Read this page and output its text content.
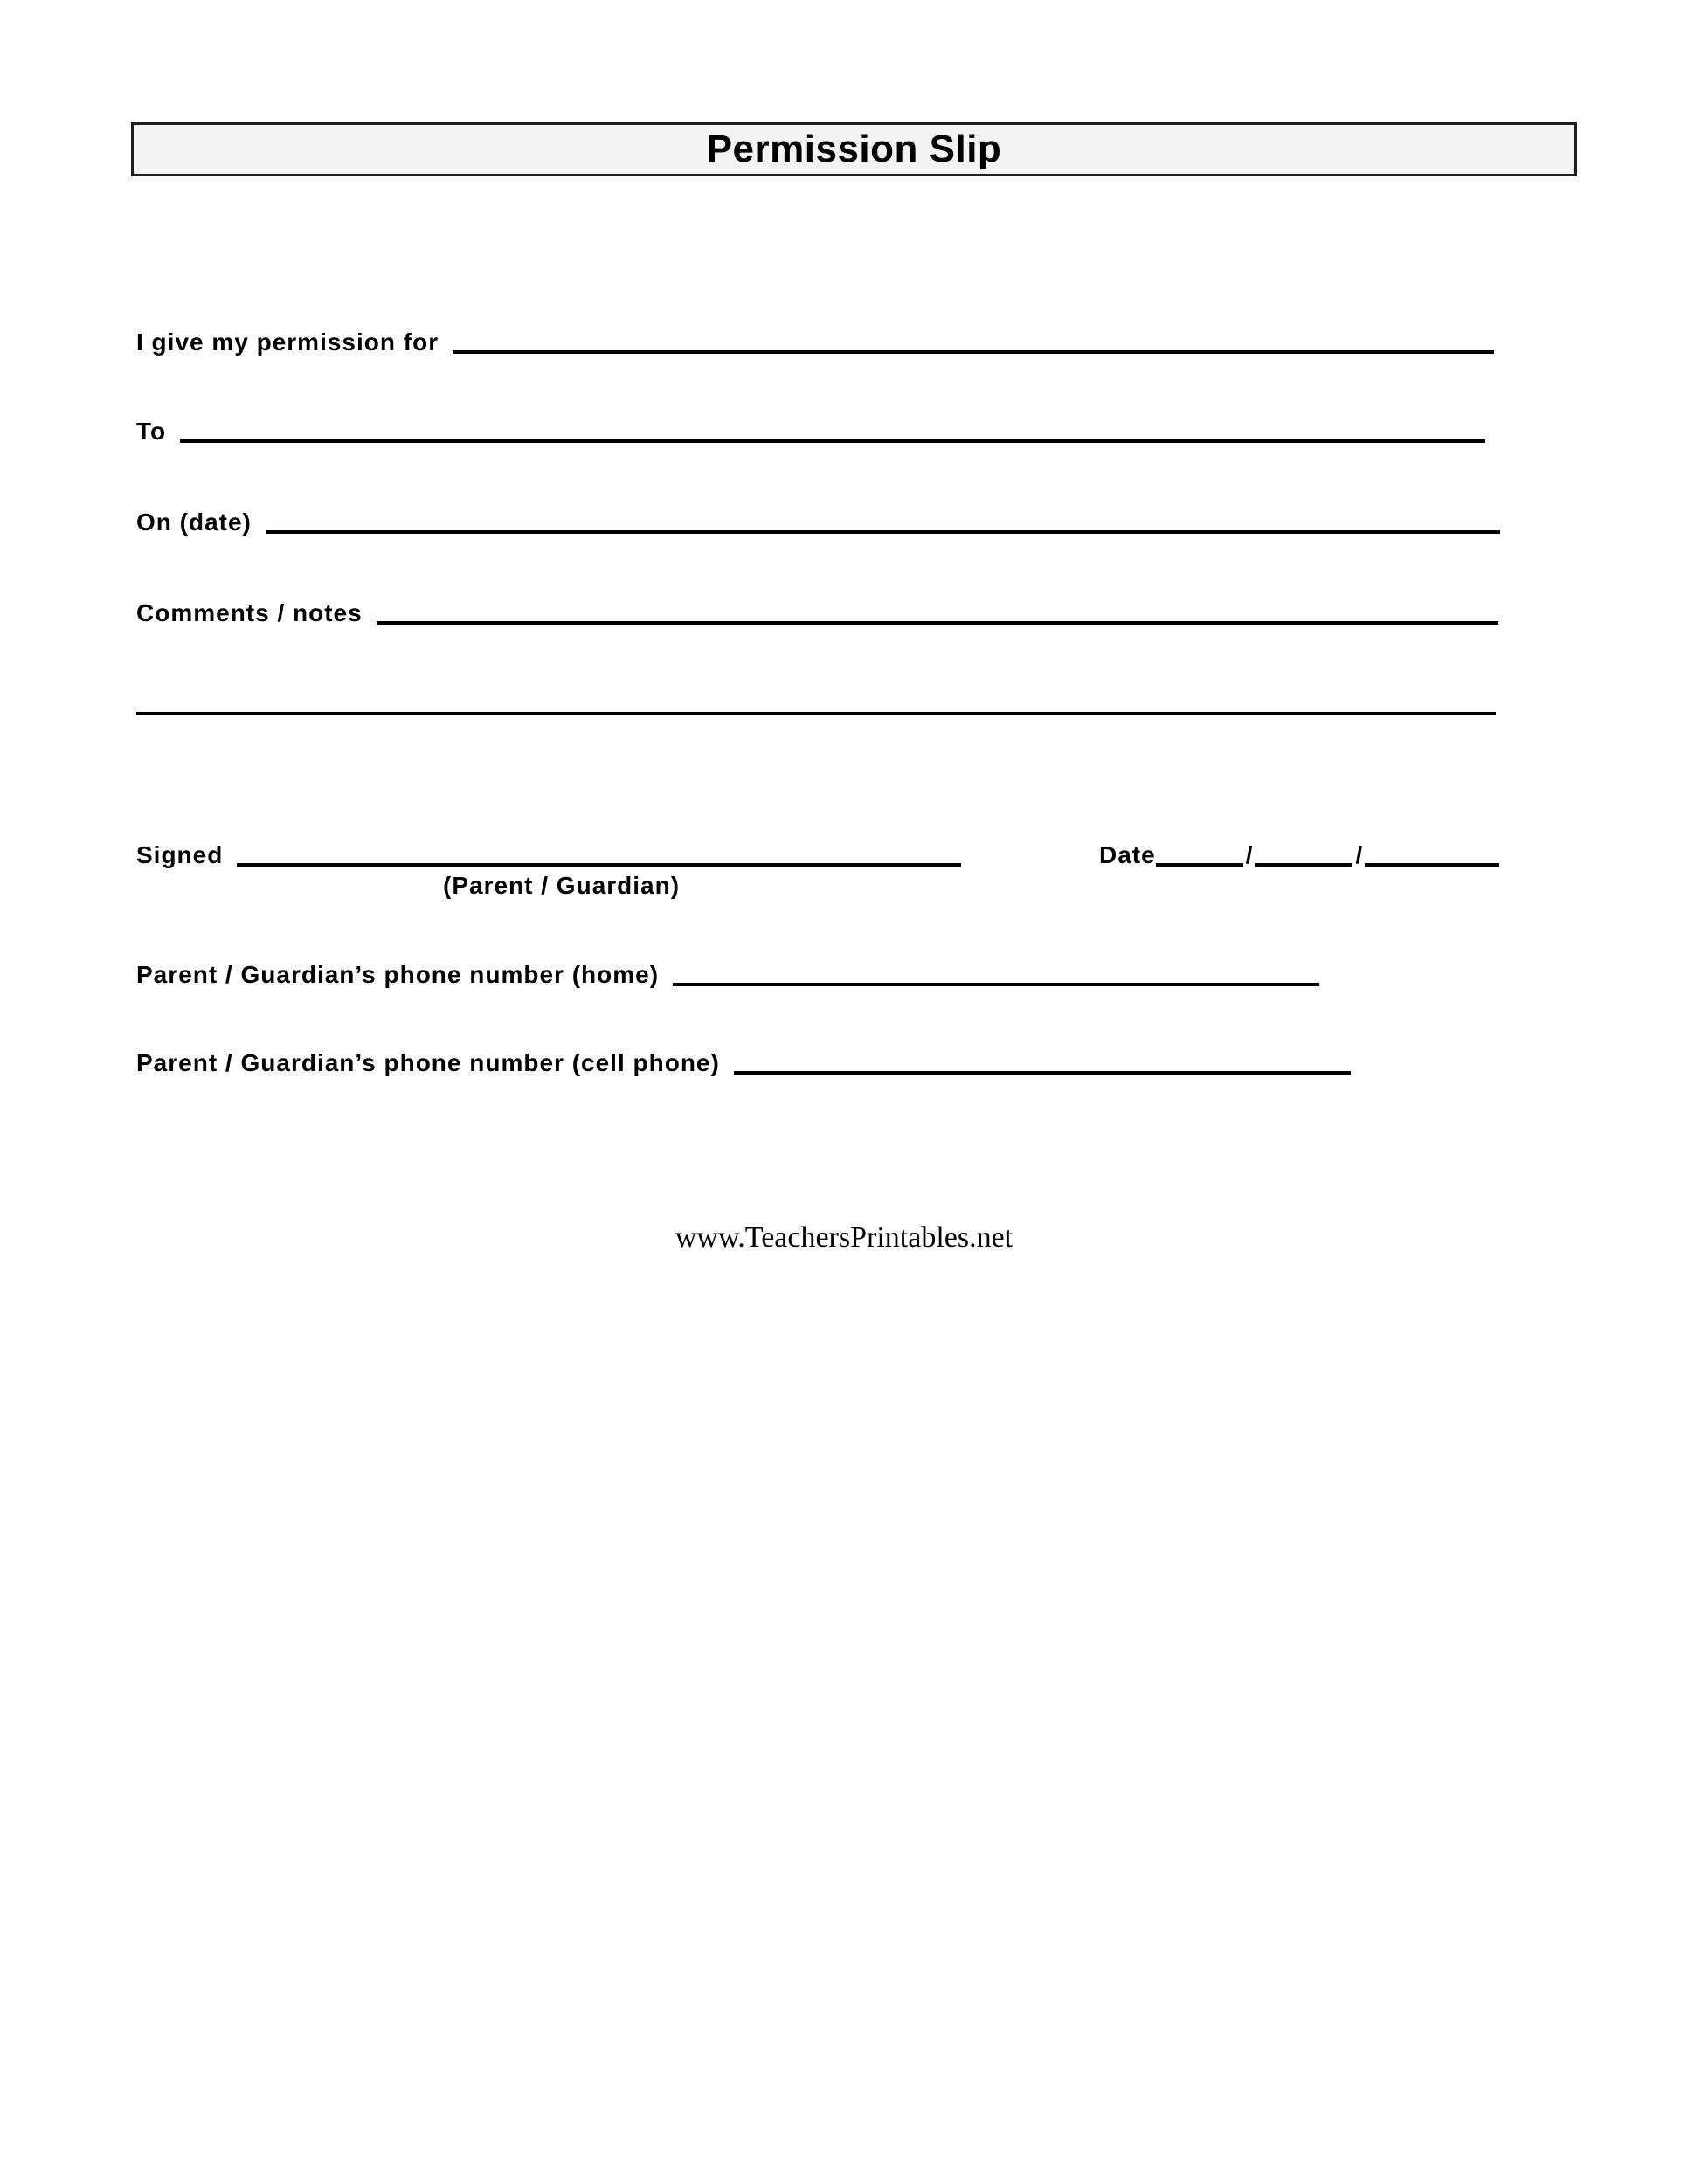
Permission Slip
I give my permission for
To
On (date)
Comments / notes
Signed
(Parent / Guardian)
Date	/	/
Parent / Guardian’s phone number (home)
Parent / Guardian’s phone number (cell phone)
www.TeachersPrintables.net
